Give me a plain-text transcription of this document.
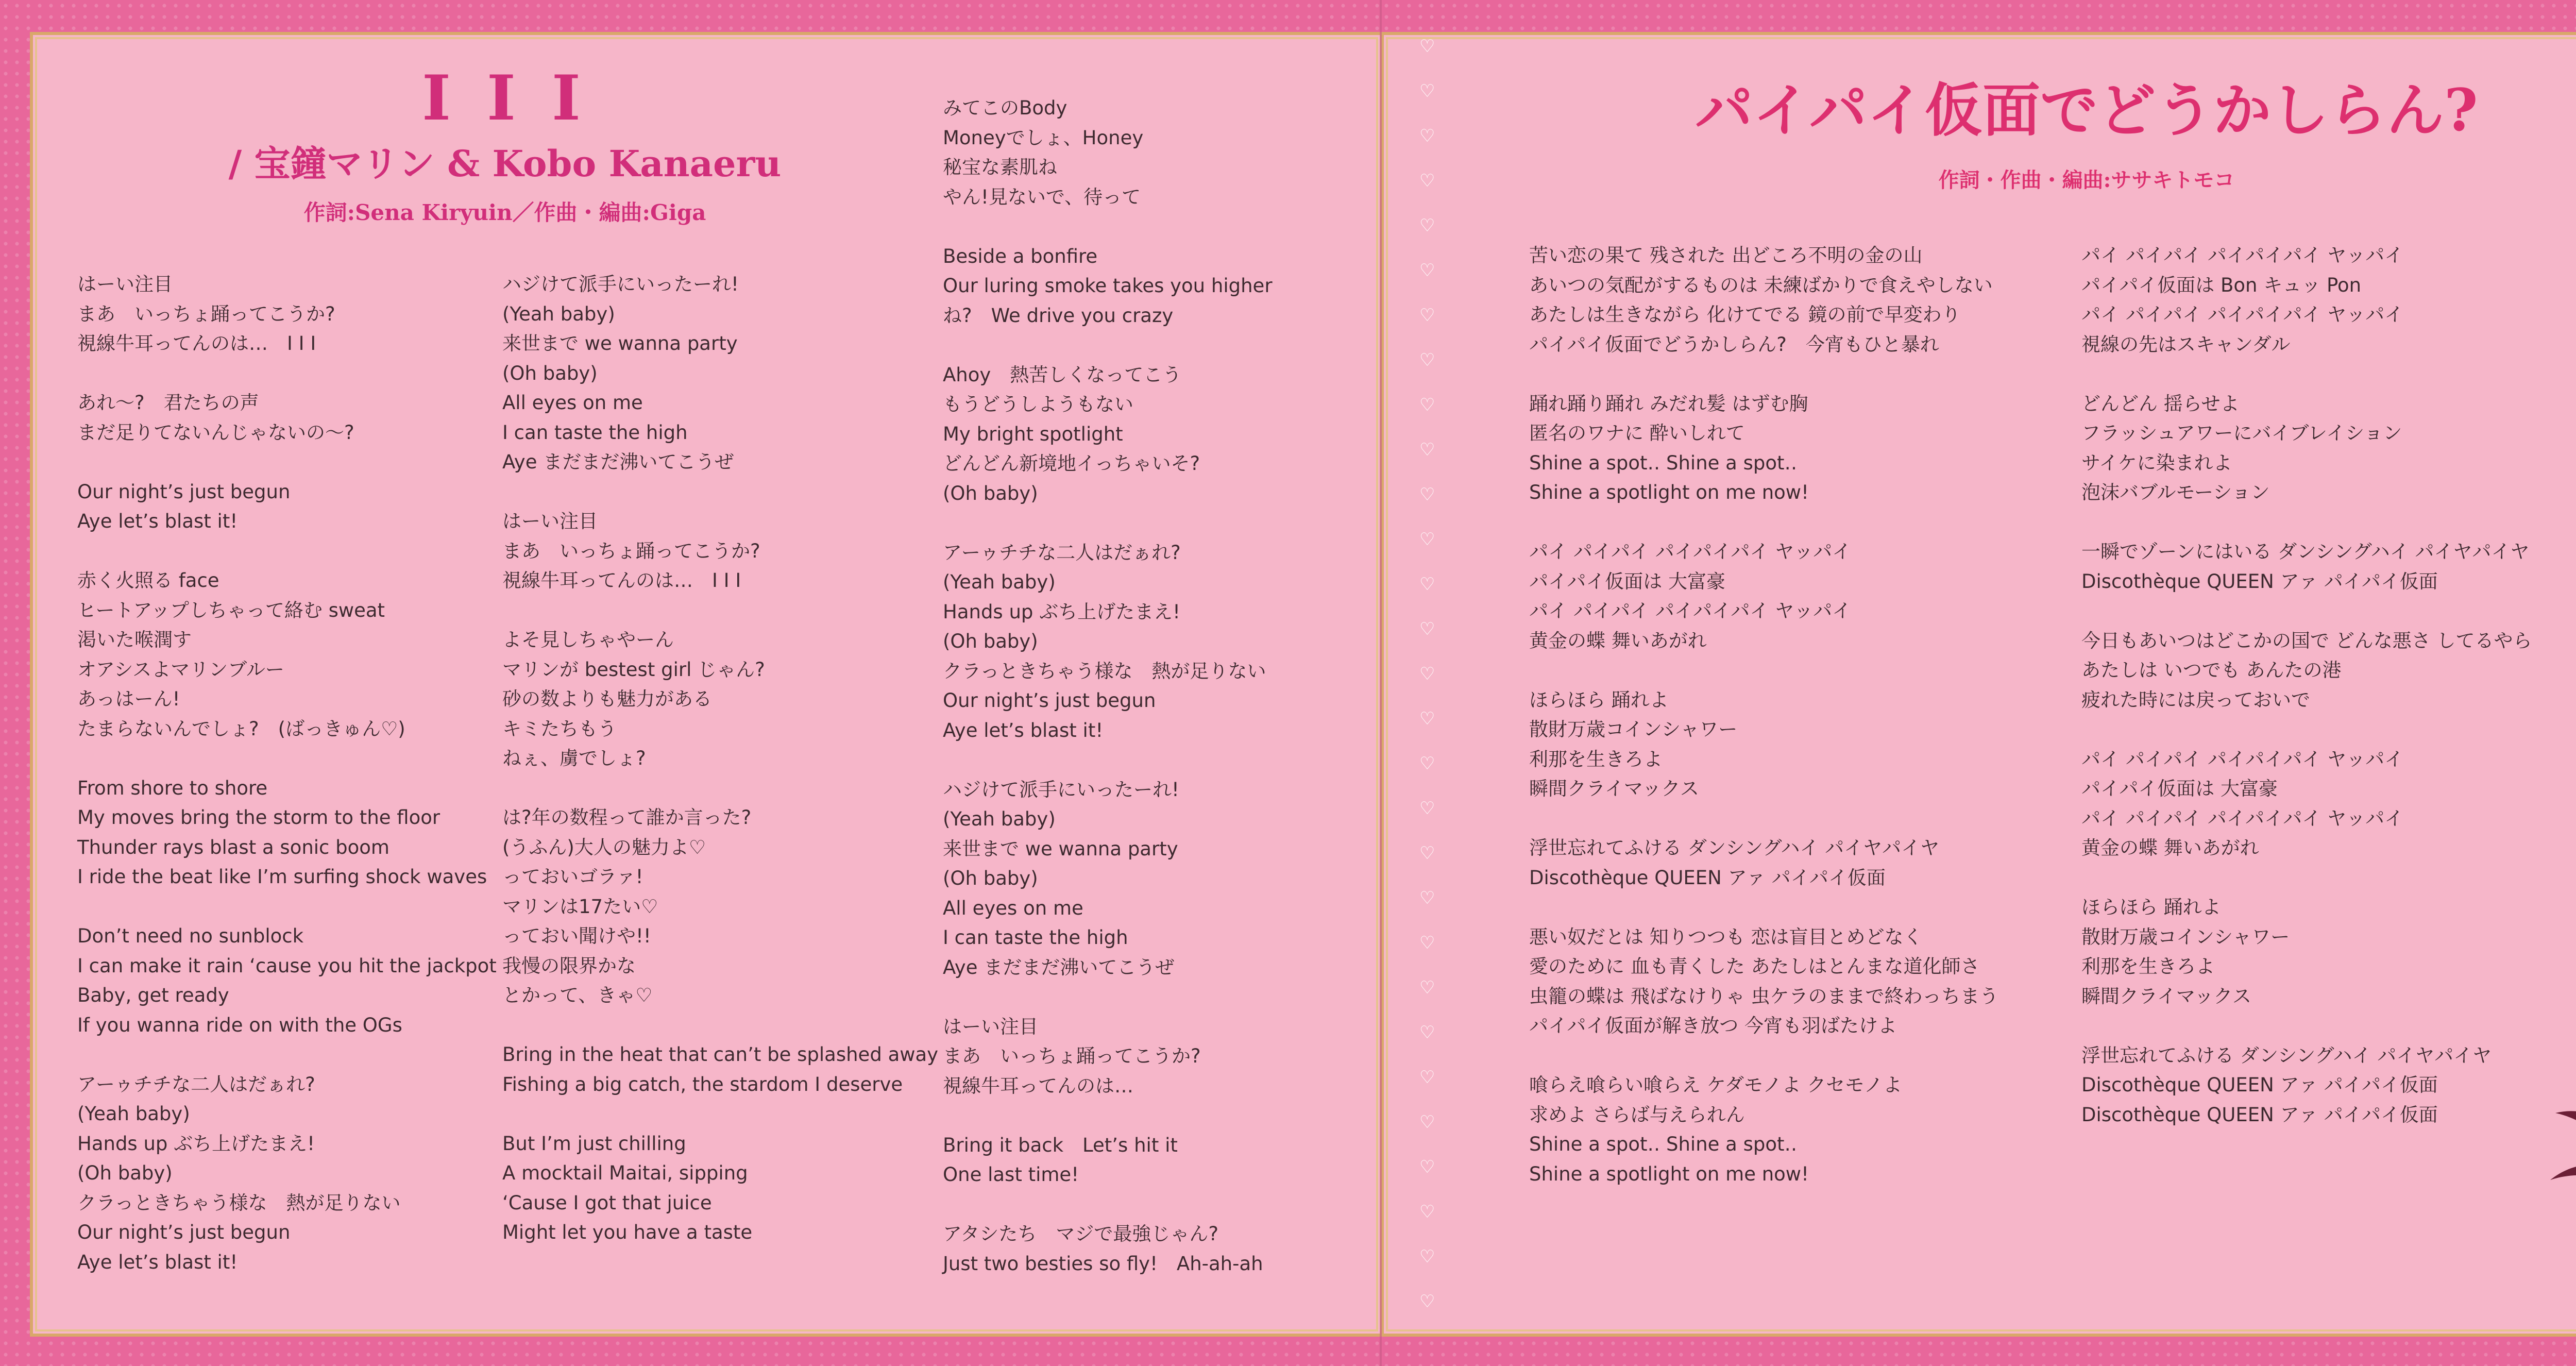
I I I
/ 宝鐘マリン & Kobo Kanaeru
作詞:Sena Kiryuin／作曲・編曲:Giga
はーい注目
まあ　いっちょ踊ってこうか?
視線牛耳ってんのは…　I I I
あれ～?　君たちの声
まだ足りてないんじゃないの～?
Our night’s just begun
Aye let’s blast it!
赤く火照る face
ヒートアップしちゃって絡む sweat
渇いた喉潤す
オアシスよマリンブルー
あっはーん!
たまらないんでしょ?　(ばっきゅん♡)
From shore to shore
My moves bring the storm to the floor
Thunder rays blast a sonic boom
I ride the beat like I’m surfing shock waves
Don’t need no sunblock
I can make it rain ‘cause you hit the jackpot
Baby, get ready
If you wanna ride on with the OGs
アーゥチチな二人はだぁれ?
(Yeah baby)
Hands up ぶち上げたまえ!
(Oh baby)
クラっときちゃう様な　熱が足りない
Our night’s just begun
Aye let’s blast it!
ハジけて派手にいったーれ!
(Yeah baby)
来世まで we wanna party
(Oh baby)
All eyes on me
I can taste the high
Aye まだまだ沸いてこうぜ
はーい注目
まあ　いっちょ踊ってこうか?
視線牛耳ってんのは…　I I I
よそ見しちゃやーん
マリンが bestest girl じゃん?
砂の数よりも魅力がある
キミたちもう
ねぇ、虜でしょ?
は?年の数程って誰か言った?
(うふん)大人の魅力よ♡
っておいゴラァ!
マリンは17たい♡
っておい聞けや!!
我慢の限界かな
とかって、きゃ♡
Bring in the heat that can’t be splashed away
Fishing a big catch, the stardom I deserve
But I’m just chilling
A mocktail Maitai, sipping
‘Cause I got that juice
Might let you have a taste
みてこのBody
Moneyでしょ、Honey
秘宝な素肌ね
やん!見ないで、待って
Beside a bonfire
Our luring smoke takes you higher
ね?　We drive you crazy
Ahoy　熱苦しくなってこう
もうどうしようもない
My bright spotlight
どんどん新境地イっちゃいそ?
(Oh baby)
アーゥチチな二人はだぁれ?
(Yeah baby)
Hands up ぶち上げたまえ!
(Oh baby)
クラっときちゃう様な　熱が足りない
Our night’s just begun
Aye let’s blast it!
ハジけて派手にいったーれ!
(Yeah baby)
来世まで we wanna party
(Oh baby)
All eyes on me
I can taste the high
Aye まだまだ沸いてこうぜ
はーい注目
まあ　いっちょ踊ってこうか?
視線牛耳ってんのは…
Bring it back　Let’s hit it
One last time!
アタシたち　マジで最強じゃん?
Just two besties so fly!　Ah-ah-ah
♡
♡
♡
♡
♡
♡
♡
♡
♡
♡
♡
♡
♡
♡
♡
♡
♡
♡
♡
♡
♡
♡
♡
♡
♡
♡
♡
♡
♡
パイパイ仮面でどうかしらん?
作詞・作曲・編曲:ササキトモコ
苦い恋の果て 残された 出どころ不明の金の山
あいつの気配がするものは 未練ばかりで食えやしない
あたしは生きながら 化けてでる 鏡の前で早変わり
パイパイ仮面でどうかしらん?　今宵もひと暴れ
踊れ踊り踊れ みだれ髪 はずむ胸
匿名のワナに 酔いしれて
Shine a spot‥ Shine a spot‥
Shine a spotlight on me now!
パイ パイパイ パイパイパイ ヤッパイ
パイパイ仮面は 大富豪
パイ パイパイ パイパイパイ ヤッパイ
黄金の蝶 舞いあがれ
ほらほら 踊れよ
散財万歳コインシャワー
利那を生きろよ
瞬間クライマックス
浮世忘れてふける ダンシングハイ パイヤパイヤ
Discothèque QUEEN アァ パイパイ仮面
悪い奴だとは 知りつつも 恋は盲目とめどなく
愛のために 血も青くした あたしはとんまな道化師さ
虫籠の蝶は 飛ばなけりゃ 虫ケラのままで終わっちまう
パイパイ仮面が解き放つ 今宵も羽ばたけよ
喰らえ喰らい喰らえ ケダモノよ クセモノよ
求めよ さらば与えられん
Shine a spot‥ Shine a spot‥
Shine a spotlight on me now!
パイ パイパイ パイパイパイ ヤッパイ
パイパイ仮面は Bon キュッ Pon
パイ パイパイ パイパイパイ ヤッパイ
視線の先はスキャンダル
どんどん 揺らせよ
フラッシュアワーにバイブレイション
サイケに染まれよ
泡沫バブルモーション
一瞬でゾーンにはいる ダンシングハイ パイヤパイヤ
Discothèque QUEEN アァ パイパイ仮面
今日もあいつはどこかの国で どんな悪さ してるやら
あたしは いつでも あんたの港
疲れた時には戻っておいで
パイ パイパイ パイパイパイ ヤッパイ
パイパイ仮面は 大富豪
パイ パイパイ パイパイパイ ヤッパイ
黄金の蝶 舞いあがれ
ほらほら 踊れよ
散財万歳コインシャワー
利那を生きろよ
瞬間クライマックス
浮世忘れてふける ダンシングハイ パイヤパイヤ
Discothèque QUEEN アァ パイパイ仮面
Discothèque QUEEN アァ パイパイ仮面
